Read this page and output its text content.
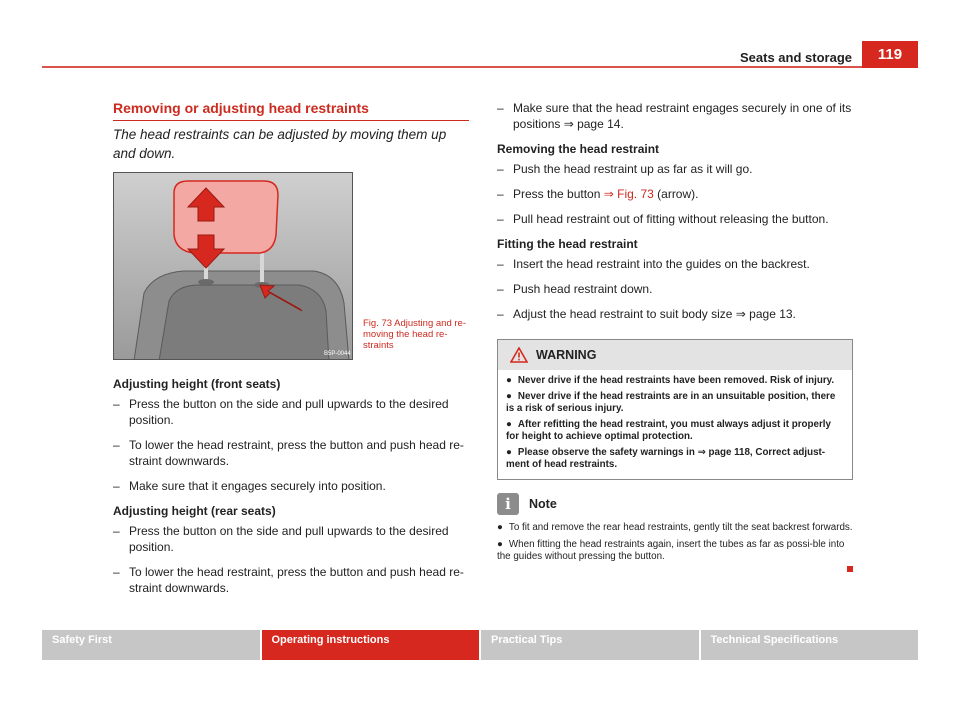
Seats and storage	119
Removing or adjusting head restraints
The head restraints can be adjusted by moving them up and down.
B5P-0044
Fig. 73 Adjusting and re-moving the head re-straints
Adjusting height (front seats)
– Press the button on the side and pull upwards to the desired position.
– To lower the head restraint, press the button and push head re-straint downwards.
– Make sure that it engages securely into position.
Adjusting height (rear seats)
– Press the button on the side and pull upwards to the desired position.
– To lower the head restraint, press the button and push head re-straint downwards.
– Make sure that the head restraint engages securely in one of its positions ⇒ page 14.
Removing the head restraint
– Push the head restraint up as far as it will go.
– Press the button ⇒ Fig. 73 (arrow).
– Pull head restraint out of fitting without releasing the button.
Fitting the head restraint
– Insert the head restraint into the guides on the backrest.
– Push head restraint down.
– Adjust the head restraint to suit body size ⇒ page 13.
WARNING

● Never drive if the head restraints have been removed. Risk of injury.

● Never drive if the head restraints are in an unsuitable position, there is a risk of serious injury.

● After refitting the head restraint, you must always adjust it properly for height to achieve optimal protection.

● Please observe the safety warnings in ⇒ page 118, Correct adjust-ment of head restraints.

i	Note

● To fit and remove the rear head restraints, gently tilt the seat backrest forwards.

● When fitting the head restraints again, insert the tubes as far as possi-ble into the guides without pressing the button.

Safety First	Operating instructions	Practical Tips	Technical Specifications
